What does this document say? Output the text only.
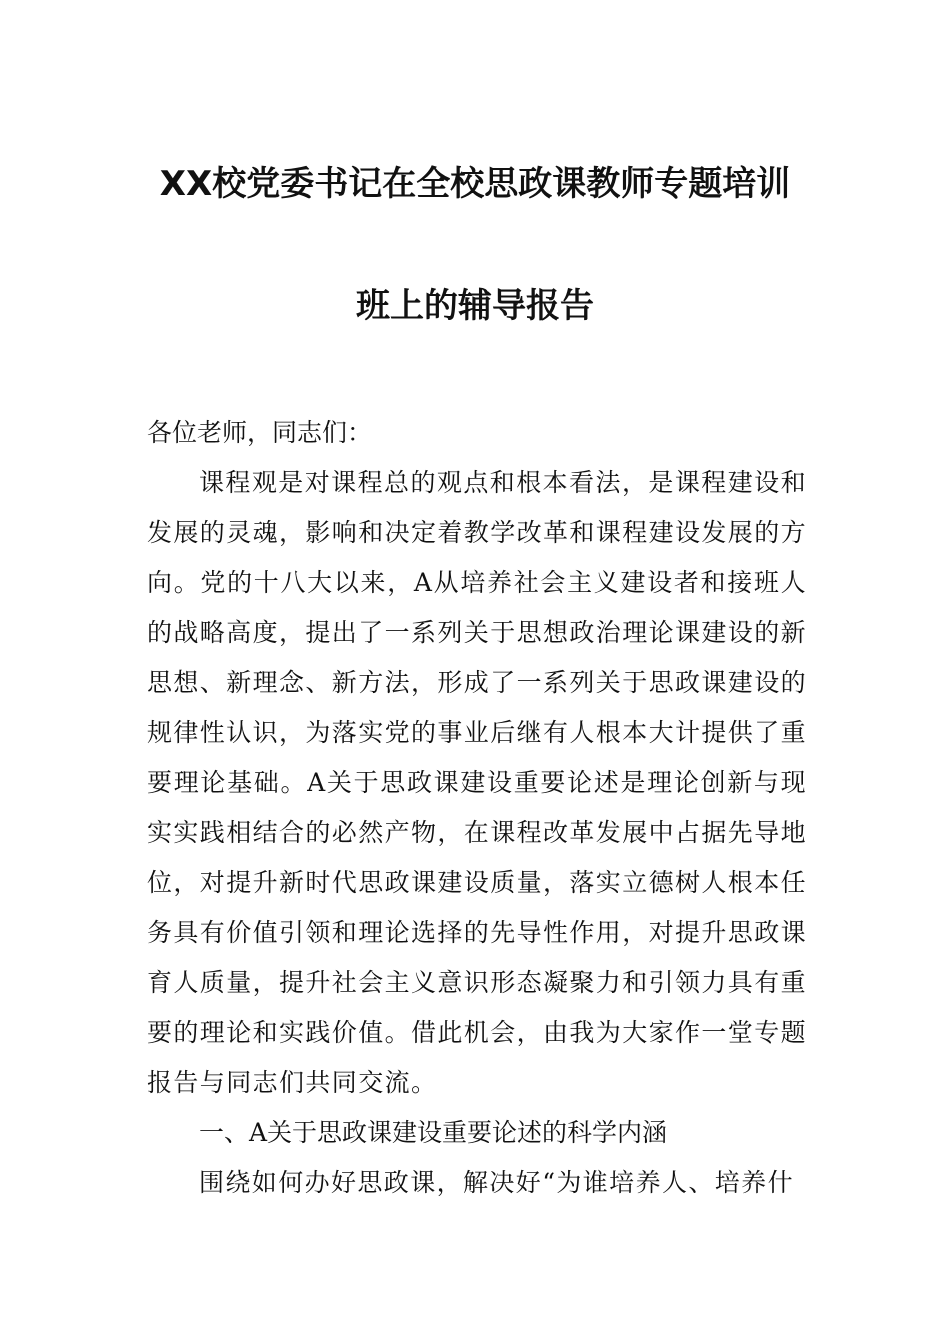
XX校党委书记在全校思政课教师专题培训
班上的辅导报告

各位老师，同志们：

课程观是对课程总的观点和根本看法，是课程建设和发展的灵魂，影响和决定着教学改革和课程建设发展的方向。党的十八大以来，A从培养社会主义建设者和接班人的战略高度，提出了一系列关于思想政治理论课建设的新思想、新理念、新方法，形成了一系列关于思政课建设的规律性认识，为落实党的事业后继有人根本大计提供了重要理论基础。A关于思政课建设重要论述是理论创新与现实实践相结合的必然产物，在课程改革发展中占据先导地位，对提升新时代思政课建设质量，落实立德树人根本任务具有价值引领和理论选择的先导性作用，对提升思政课育人质量，提升社会主义意识形态凝聚力和引领力具有重要的理论和实践价值。借此机会，由我为大家作一堂专题报告与同志们共同交流。

一、A关于思政课建设重要论述的科学内涵

围绕如何办好思政课，解决好“为谁培养人、培养什
